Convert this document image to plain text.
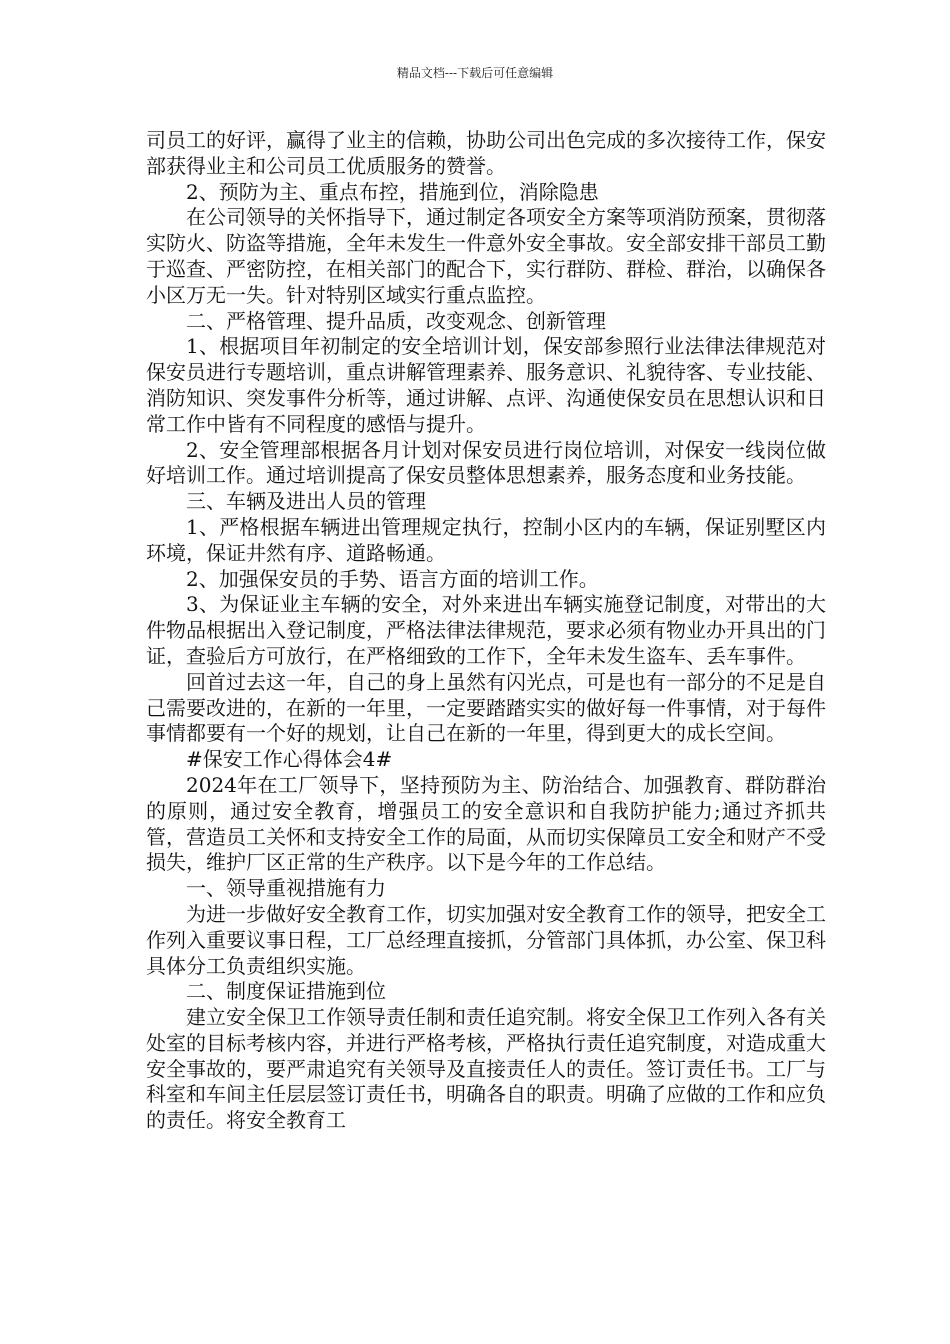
精品文档---下载后可任意编辑

司员工的好评，赢得了业主的信赖，协助公司出色完成的多次接待工作，保安部获得业主和公司员工优质服务的赞誉。

2、预防为主、重点布控，措施到位，消除隐患

在公司领导的关怀指导下，通过制定各项安全方案等项消防预案，贯彻落实防火、防盗等措施，全年未发生一件意外安全事故。安全部安排干部员工勤于巡查、严密防控，在相关部门的配合下，实行群防、群检、群治，以确保各小区万无一失。针对特别区域实行重点监控。

二、严格管理、提升品质，改变观念、创新管理

1、根据项目年初制定的安全培训计划，保安部参照行业法律法律规范对保安员进行专题培训，重点讲解管理素养、服务意识、礼貌待客、专业技能、消防知识、突发事件分析等，通过讲解、点评、沟通使保安员在思想认识和日常工作中皆有不同程度的感悟与提升。

2、安全管理部根据各月计划对保安员进行岗位培训，对保安一线岗位做好培训工作。通过培训提高了保安员整体思想素养，服务态度和业务技能。

三、车辆及进出人员的管理

1、严格根据车辆进出管理规定执行，控制小区内的车辆，保证别墅区内环境，保证井然有序、道路畅通。

2、加强保安员的手势、语言方面的培训工作。

3、为保证业主车辆的安全，对外来进出车辆实施登记制度，对带出的大件物品根据出入登记制度，严格法律法律规范，要求必须有物业办开具出的门证，查验后方可放行，在严格细致的工作下，全年未发生盗车、丢车事件。

回首过去这一年，自己的身上虽然有闪光点，可是也有一部分的不足是自己需要改进的，在新的一年里，一定要踏踏实实的做好每一件事情，对于每件事情都要有一个好的规划，让自己在新的一年里，得到更大的成长空间。

#保安工作心得体会4#

2024年在工厂领导下，坚持预防为主、防治结合、加强教育、群防群治的原则，通过安全教育，增强员工的安全意识和自我防护能力;通过齐抓共管，营造员工关怀和支持安全工作的局面，从而切实保障员工安全和财产不受损失，维护厂区正常的生产秩序。以下是今年的工作总结。

一、领导重视措施有力

为进一步做好安全教育工作，切实加强对安全教育工作的领导，把安全工作列入重要议事日程，工厂总经理直接抓，分管部门具体抓，办公室、保卫科具体分工负责组织实施。

二、制度保证措施到位

建立安全保卫工作领导责任制和责任追究制。将安全保卫工作列入各有关处室的目标考核内容，并进行严格考核，严格执行责任追究制度，对造成重大安全事故的，要严肃追究有关领导及直接责任人的责任。签订责任书。工厂与科室和车间主任层层签订责任书，明确各自的职责。明确了应做的工作和应负的责任。将安全教育工
